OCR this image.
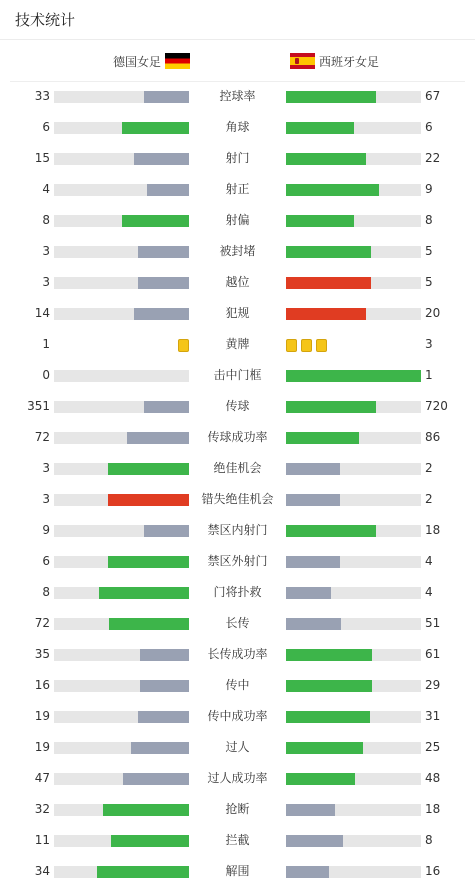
技术统计
德国女足	西班牙女足
33	控球率	67
6	角球	6
15	射门	22
4	射正	9
8	射偏	8
3	被封堵	5
3	越位	5
14	犯规	20
1	黄牌	3
0	击中门框	1
351	传球	720
72	传球成功率	86
3	绝佳机会	2
3	错失绝佳机会	2
9	禁区内射门	18
6	禁区外射门	4
8	门将扑救	4
72	长传	51
35	长传成功率	61
16	传中	29
19	传中成功率	31
19	过人	25
47	过人成功率	48
32	抢断	18
11	拦截	8
34	解围	16
